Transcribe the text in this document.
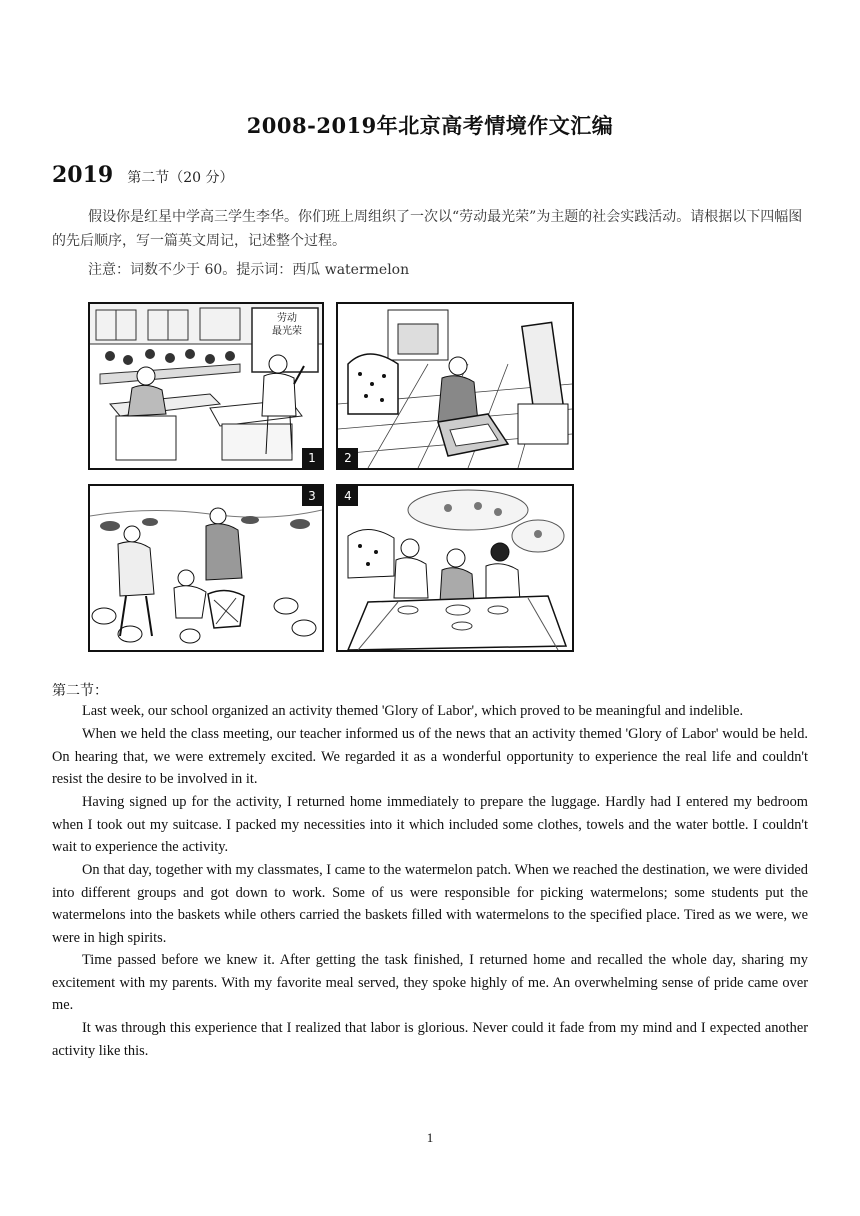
2008-2019年北京高考情境作文汇编
2019 第二节（20 分）
假设你是红星中学高三学生李华。你们班上周组织了一次以“劳动最光荣”为主题的社会实践活动。请根据以下四幅图的先后顺序，写一篇英文周记，记述整个过程。
注意：词数不少于 60。提示词：西瓜 watermelon
劳动
最光荣
1	2
3	4
第二节：

Last week, our school organized an activity themed 'Glory of Labor', which proved to be meaningful and indelible.

When we held the class meeting, our teacher informed us of the news that an activity themed 'Glory of Labor' would be held. On hearing that, we were extremely excited. We regarded it as a wonderful opportunity to experience the real life and couldn't resist the desire to be involved in it.

Having signed up for the activity, I returned home immediately to prepare the luggage. Hardly had I entered my bedroom when I took out my suitcase. I packed my necessities into it which included some clothes, towels and the water bottle. I couldn't wait to experience the activity.

On that day, together with my classmates, I came to the watermelon patch. When we reached the destination, we were divided into different groups and got down to work. Some of us were responsible for picking watermelons; some students put the watermelons into the baskets while others carried the baskets filled with watermelons to the specified place. Tired as we were, we were in high spirits.

Time passed before we knew it. After getting the task finished, I returned home and recalled the whole day, sharing my excitement with my parents. With my favorite meal served, they spoke highly of me. An overwhelming sense of pride came over me.

It was through this experience that I realized that labor is glorious. Never could it fade from my mind and I expected another activity like this.

1
